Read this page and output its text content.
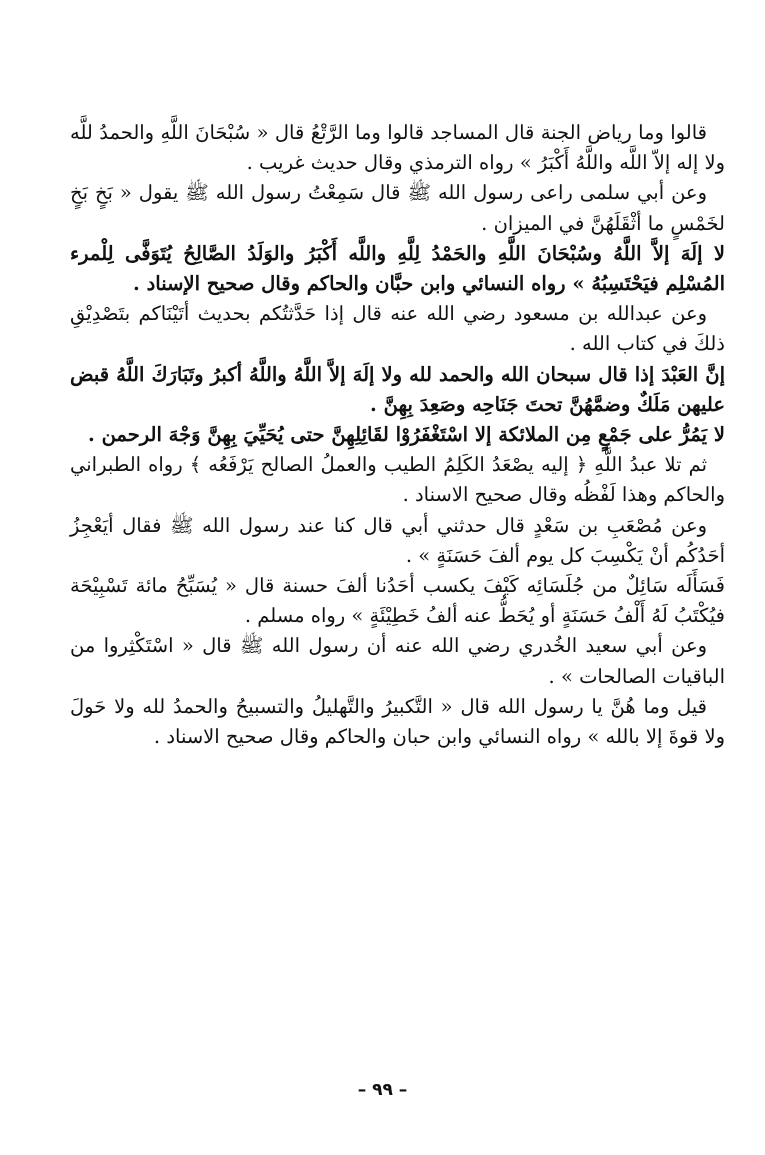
قالوا وما رياض الجنة قال المساجد قالوا وما الرَّتْعُ قال « سُبْحَانَ اللَّهِ والحمدُ للَّه ولا إله إلاّ اللَّه واللَّهُ أَكْبَرُ » رواه الترمذي وقال حديث غريب .

وعن أبي سلمى راعى رسول الله ﷺ قال سَمِعْتُ رسول الله ﷺ يقول « بَخٍ بَخٍ لخَمْسٍ ما أثْقَلَهُنَّ في الميزان .

لا إلَهَ إلاَّ اللَّهُ وسُبْحَانَ اللَّهِ والحَمْدُ لِلَّهِ واللَّه أَكْبَرُ والوَلَدُ الصَّالِحُ يُتَوَفَّى لِلْمرء المُسْلِم فيَحْتَسِبُهُ » رواه النسائي وابن حبَّان والحاكم وقال صحيح الإسناد .

وعن عبدالله بن مسعود رضي الله عنه قال إذا حَدَّثتُكم بحديث أتَيْنَاكم بتَصْدِيْقِ ذلكَ في كتاب الله .

إنَّ العَبْدَ إذا قال سبحان الله والحمد لله ولا إلَهَ إلاَّ اللَّهُ واللَّهُ أكبرُ وتَبَارَكَ اللَّهُ قبض عليهن مَلَكٌ وضمَّهُنَّ تحتَ جَنَاحِه وصَعِدَ بِهِنَّ .

لا يَمُرُّ على جَمْعٍ مِن الملائكة إلا اسْتَغْفَرُوْا لقَائِلِهِنَّ حتى يُحَيِّيَ بِهِنَّ وَجْهَ الرحمن .

ثم تلا عبدُ اللَّهِ ﴿ إليه يصْعَدُ الكَلِمُ الطيب والعملُ الصالح يَرْفَعُه ﴾ رواه الطبراني والحاكم وهذا لَفْظُه وقال صحيح الاسناد .

وعن مُصْعَبِ بن سَعْدٍ قال حدثني أبي قال كنا عند رسول الله ﷺ فقال أيَعْجِزُ أحَدُكُم أنْ يَكْسِبَ كل يوم ألفَ حَسَنَةٍ » .

فَسَأَلَه سَائِلٌ من جُلَسَائِه كَيْفَ يكسب أحَدُنا ألفَ حسنة قال « يُسَبِّحُ مائة تَسْبِيْحَة فيُكْتَبُ لَهُ أَلْفُ حَسَنَةٍ أو يُحَطُّ عنه ألفُ خَطِيْئَةٍ » رواه مسلم .

وعن أبي سعيد الخُدري رضي الله عنه أن رسول الله ﷺ قال « اسْتَكْثِروا من الباقيات الصالحات » .

قيل وما هُنَّ يا رسول الله قال « التَّكبيرُ والتَّهليلُ والتسبيحُ والحمدُ لله ولا حَولَ ولا قوةَ إلا بالله » رواه النسائي وابن حبان والحاكم وقال صحيح الاسناد .

– ٩٩ –
